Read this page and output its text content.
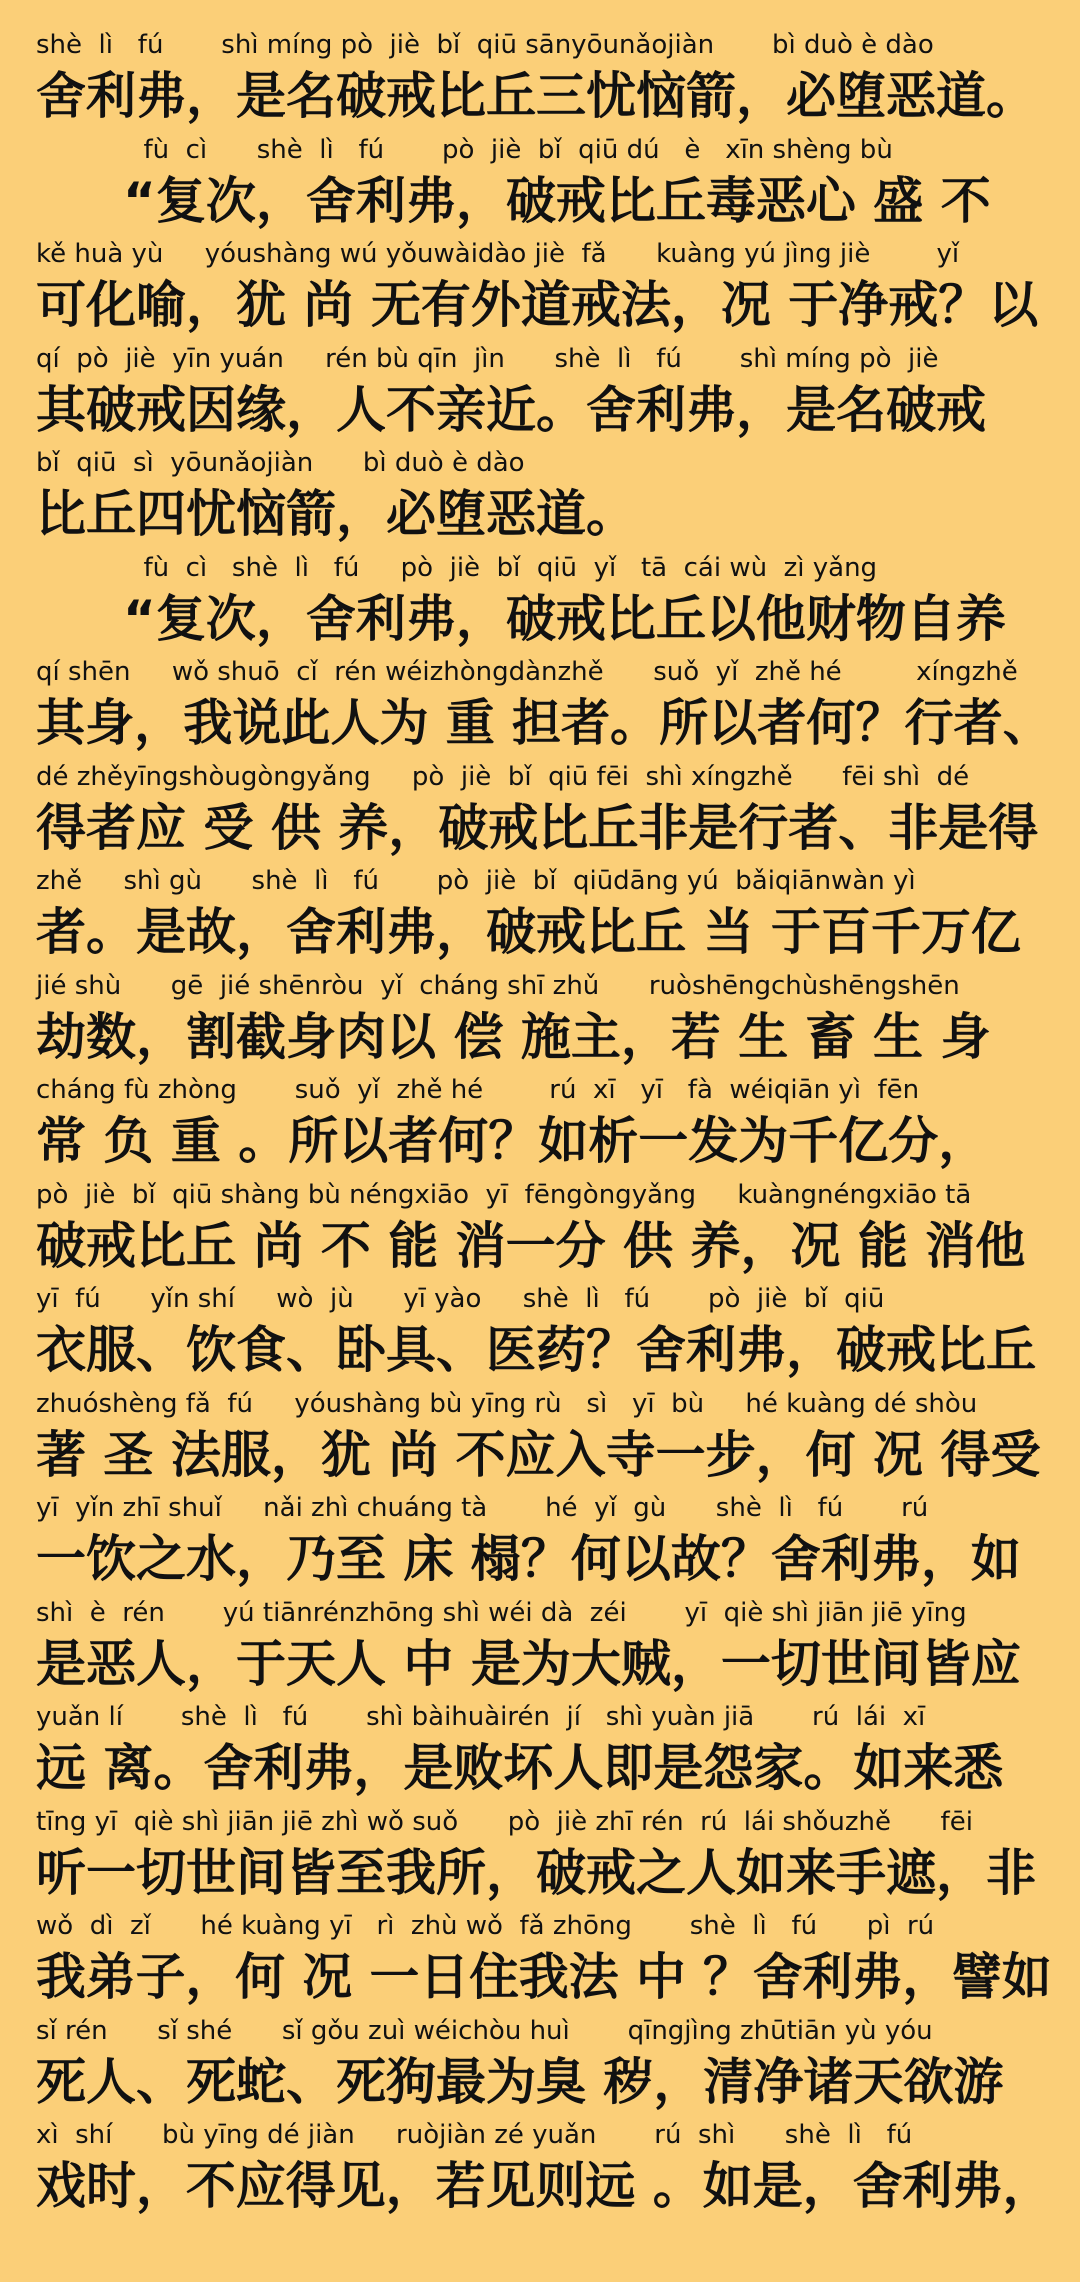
shè  lì   fú       shì míng pò  jiè  bǐ  qiū sānyōunǎojiàn       bì duò è dào
舍利弗，是名破戒比丘三忧恼箭，必堕恶道。
fù  cì      shè  lì   fú       pò  jiè  bǐ  qiū dú   è   xīn shèng bù
“复次，舍利弗，破戒比丘毒恶心 盛 不
kě huà yù     yóushàng wú yǒuwàidào jiè  fǎ      kuàng yú jìng jiè        yǐ
可化喻，犹 尚 无有外道戒法，况 于净戒？以
qí  pò  jiè  yīn yuán     rén bù qīn  jìn      shè  lì   fú       shì míng pò  jiè
其破戒因缘，人不亲近。舍利弗，是名破戒
bǐ  qiū  sì  yōunǎojiàn      bì duò è dào
比丘四忧恼箭，必堕恶道。
fù  cì   shè  lì   fú     pò  jiè  bǐ  qiū  yǐ   tā  cái wù  zì yǎng
“复次，舍利弗，破戒比丘以他财物自养
qí shēn     wǒ shuō  cǐ  rén wéizhòngdànzhě      suǒ  yǐ  zhě hé         xíngzhě
其身，我说此人为 重 担者。所以者何？行者、
dé zhěyīngshòugòngyǎng     pò  jiè  bǐ  qiū fēi  shì xíngzhě      fēi shì  dé
得者应 受 供 养，破戒比丘非是行者、非是得
zhě     shì gù      shè  lì   fú       pò  jiè  bǐ  qiūdāng yú  bǎiqiānwàn yì
者。是故，舍利弗，破戒比丘 当 于百千万亿
jié shù      gē  jié shēnròu  yǐ  cháng shī zhǔ      ruòshēngchùshēngshēn
劫数，割截身肉以 偿 施主，若 生 畜 生 身
cháng fù zhòng       suǒ  yǐ  zhě hé        rú  xī   yī   fà  wéiqiān yì  fēn
常 负 重 。所以者何？如析一发为千亿分，
pò  jiè  bǐ  qiū shàng bù néngxiāo  yī  fēngòngyǎng     kuàngnéngxiāo tā
破戒比丘 尚 不 能 消一分 供 养，况 能 消他
yī  fú      yǐn shí     wò  jù      yī yào     shè  lì   fú       pò  jiè  bǐ  qiū
衣服、饮食、卧具、医药？舍利弗，破戒比丘
zhuóshèng fǎ  fú     yóushàng bù yīng rù   sì   yī  bù     hé kuàng dé shòu
著 圣 法服，犹 尚 不应入寺一步，何 况 得受
yī  yǐn zhī shuǐ     nǎi zhì chuáng tà       hé  yǐ  gù      shè  lì   fú       rú
一饮之水，乃至 床 榻？何以故？舍利弗，如
shì  è  rén       yú tiānrénzhōng shì wéi dà  zéi       yī  qiè shì jiān jiē yīng
是恶人，于天人 中 是为大贼，一切世间皆应
yuǎn lí       shè  lì   fú       shì bàihuàirén  jí   shì yuàn jiā       rú  lái  xī
远 离。舍利弗，是败坏人即是怨家。如来悉
tīng yī  qiè shì jiān jiē zhì wǒ suǒ      pò  jiè zhī rén  rú  lái shǒuzhě      fēi
听一切世间皆至我所，破戒之人如来手遮，非
wǒ  dì  zǐ      hé kuàng yī   rì  zhù wǒ  fǎ zhōng       shè  lì   fú      pì  rú
我弟子，何 况 一日住我法 中 ？舍利弗，譬如
sǐ rén      sǐ shé      sǐ gǒu zuì wéichòu huì       qīngjìng zhūtiān yù yóu
死人、死蛇、死狗最为臭 秽，清净诸天欲游
xì  shí      bù yīng dé jiàn     ruòjiàn zé yuǎn       rú  shì      shè  lì   fú
戏时，不应得见，若见则远 。如是，舍利弗，
